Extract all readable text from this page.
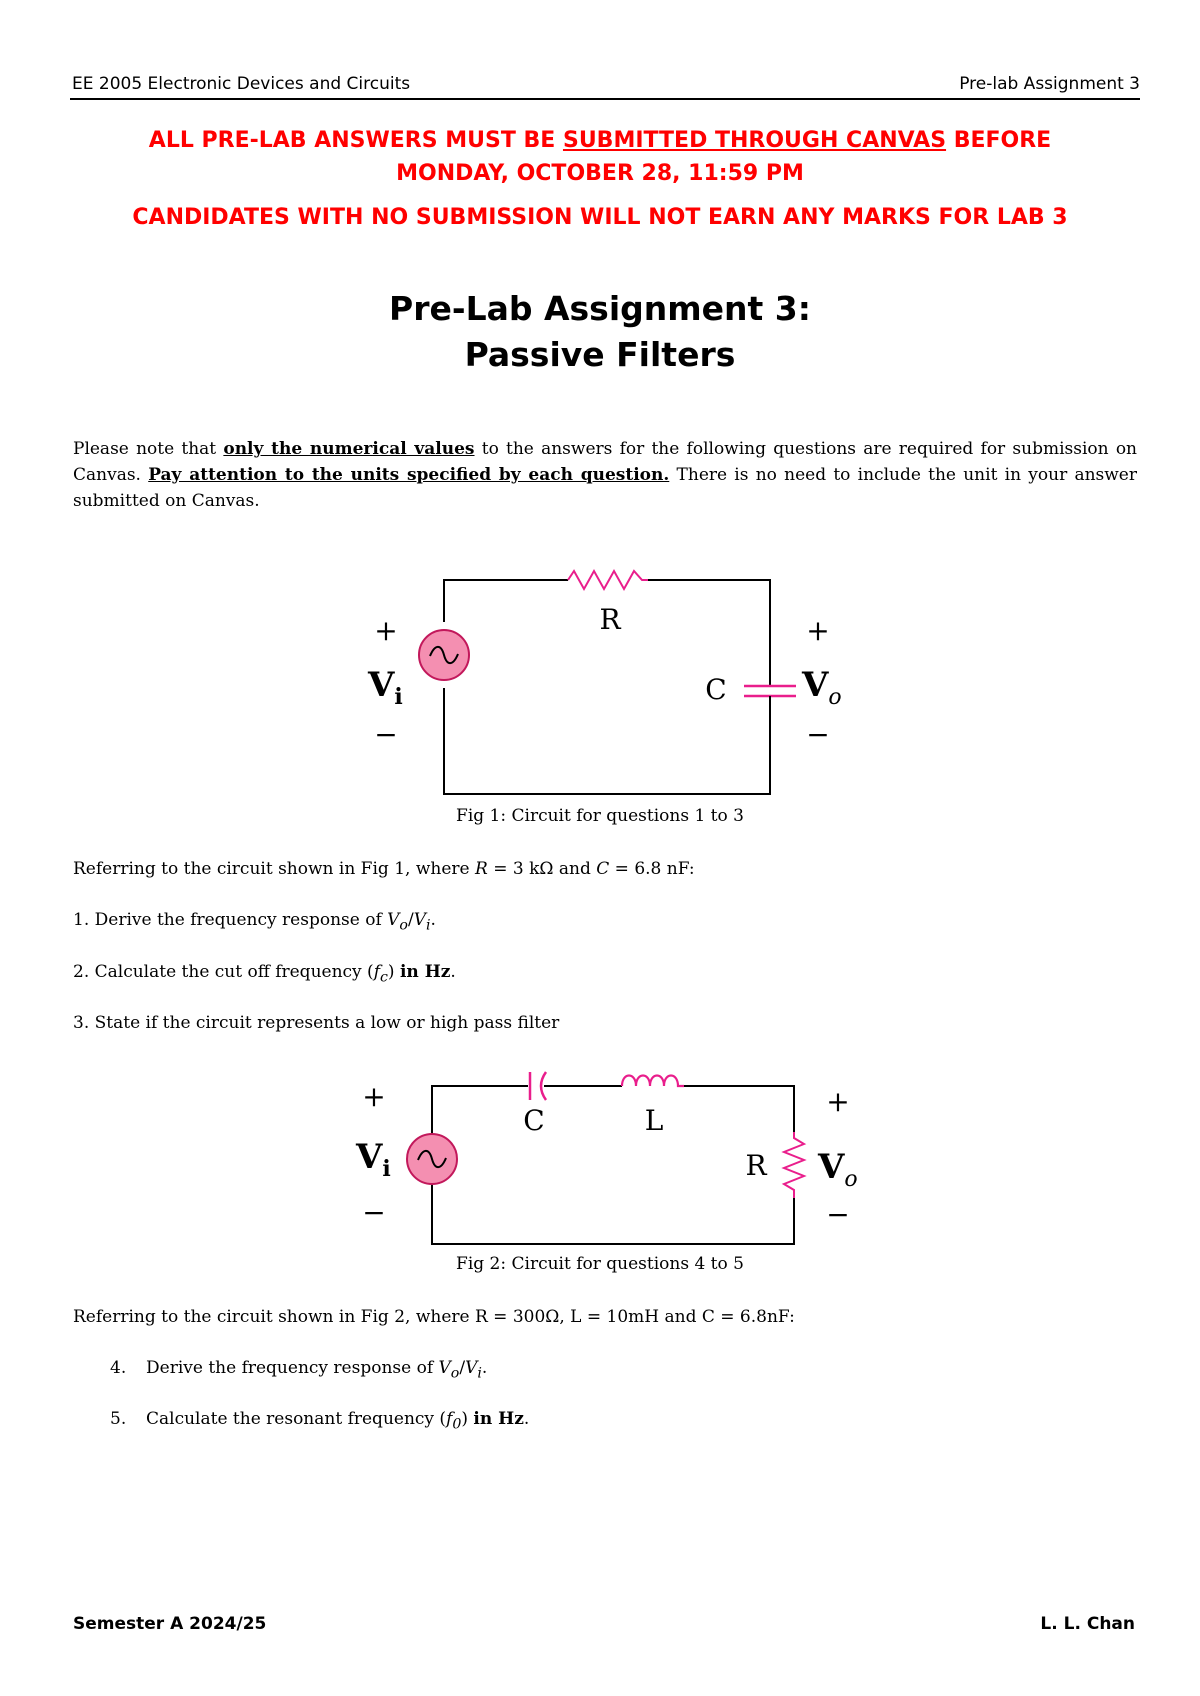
EE 2005 Electronic Devices and Circuits	Pre-lab Assignment 3
ALL PRE-LAB ANSWERS MUST BE SUBMITTED THROUGH CANVAS BEFORE
MONDAY, OCTOBER 28, 11:59 PM
CANDIDATES WITH NO SUBMISSION WILL NOT EARN ANY MARKS FOR LAB 3
Pre-Lab Assignment 3:
Passive Filters
Please note that only the numerical values to the answers for the following questions are required for submission on Canvas. Pay attention to the units specified by each question. There is no need to include the unit in your answer submitted on Canvas.
R
C
+
−
+
−
$V_i$	$V_o$
Fig 1: Circuit for questions 1 to 3
Referring to the circuit shown in Fig 1, where R = 3 kΩ and C = 6.8 nF:
1. Derive the frequency response of $V_o/V_i$.
2. Calculate the cut off frequency $(f_c)$ in Hz.
3. State if the circuit represents a low or high pass filter
C	L
R
+
−
+
−
$V_i$	$V_o$
Fig 2: Circuit for questions 4 to 5
Referring to the circuit shown in Fig 2, where R = 300Ω, L = 10mH and C = 6.8nF:
4. Derive the frequency response of $V_o/V_i$.
5. Calculate the resonant frequency $(f_0)$ in Hz.
Semester A 2024/25	L. L. Chan
